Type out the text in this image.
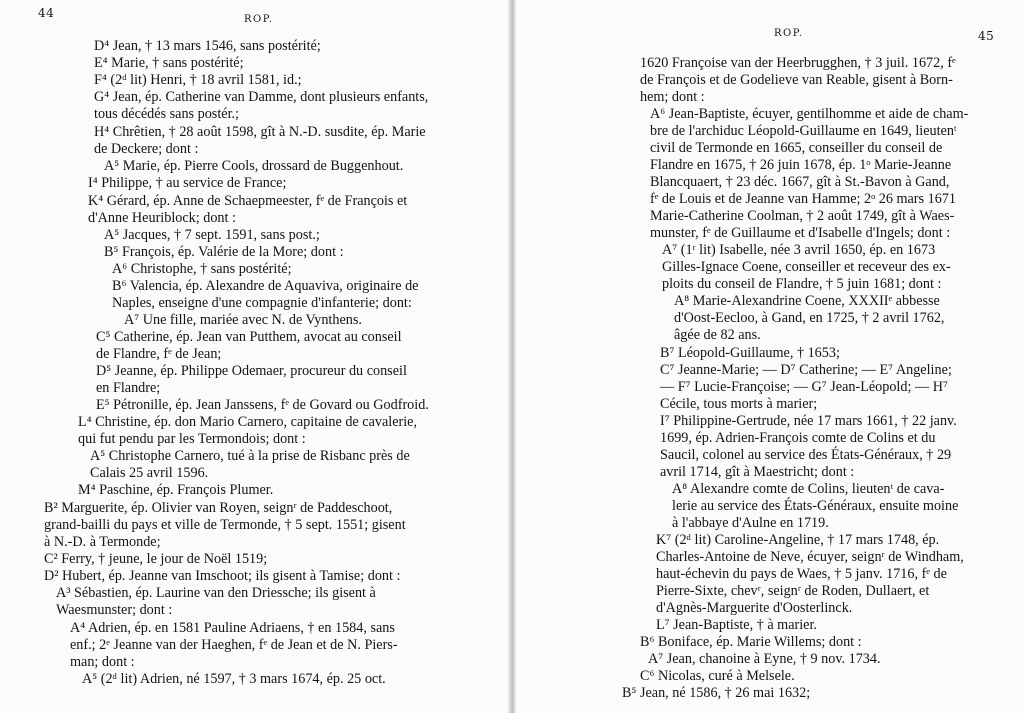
44	ROP.
D⁴ Jean, † 13 mars 1546, sans postérité;
E⁴ Marie, † sans postérité;
F⁴ (2ᵈ lit) Henri, † 18 avril 1581, id.;
G⁴ Jean, ép. Catherine van Damme, dont plusieurs enfants,
tous décédés sans postér.;
H⁴ Chrêtien, † 28 août 1598, gît à N.-D. susdite, ép. Marie
de Deckere; dont :
A⁵ Marie, ép. Pierre Cools, drossard de Buggenhout.
I⁴ Philippe, † au service de France;
K⁴ Gérard, ép. Anne de Schaepmeester, fᵉ de François et
d'Anne Heuriblock; dont :
A⁵ Jacques, † 7 sept. 1591, sans post.;
B⁵ François, ép. Valérie de la More; dont :
A⁶ Christophe, † sans postérité;
B⁶ Valencia, ép. Alexandre de Aquaviva, originaire de
Naples, enseigne d'une compagnie d'infanterie; dont:
A⁷ Une fille, mariée avec N. de Vynthens.
C⁵ Catherine, ép. Jean van Putthem, avocat au conseil
de Flandre, fᵉ de Jean;
D⁵ Jeanne, ép. Philippe Odemaer, procureur du conseil
en Flandre;
E⁵ Pétronille, ép. Jean Janssens, fᵉ de Govard ou Godfroid.
L⁴ Christine, ép. don Mario Carnero, capitaine de cavalerie,
qui fut pendu par les Termondois; dont :
A⁵ Christophe Carnero, tué à la prise de Risbanc près de
Calais 25 avril 1596.
M⁴ Paschine, ép. François Plumer.
B² Marguerite, ép. Olivier van Royen, seignʳ de Paddeschoot,
grand-bailli du pays et ville de Termonde, † 5 sept. 1551; gisent
à N.-D. à Termonde;
C² Ferry, † jeune, le jour de Noël 1519;
D² Hubert, ép. Jeanne van Imschoot; ils gisent à Tamise; dont :
A³ Sébastien, ép. Laurine van den Driessche; ils gisent à
Waesmunster; dont :
A⁴ Adrien, ép. en 1581 Pauline Adriaens, † en 1584, sans
enf.; 2ᵉ Jeanne van der Haeghen, fᵉ de Jean et de N. Piers-
man; dont :
A⁵ (2ᵈ lit) Adrien, né 1597, † 3 mars 1674, ép. 25 oct.
ROP.	45
1620 Françoise van der Heerbrugghen, † 3 juil. 1672, fᵉ
de François et de Godelieve van Reable, gisent à Born-
hem; dont :
A⁶ Jean-Baptiste, écuyer, gentilhomme et aide de cham-
bre de l'archiduc Léopold-Guillaume en 1649, lieutenᵗ
civil de Termonde en 1665, conseiller du conseil de
Flandre en 1675, † 26 juin 1678, ép. 1ᵒ Marie-Jeanne
Blancquaert, † 23 déc. 1667, gît à St.-Bavon à Gand,
fᵉ de Louis et de Jeanne van Hamme; 2ᵒ 26 mars 1671
Marie-Catherine Coolman, † 2 août 1749, gît à Waes-
munster, fᵉ de Guillaume et d'Isabelle d'Ingels; dont :
A⁷ (1ʳ lit) Isabelle, née 3 avril 1650, ép. en 1673
Gilles-Ignace Coene, conseiller et receveur des ex-
ploits du conseil de Flandre, † 5 juin 1681; dont :
A⁸ Marie-Alexandrine Coene, XXXIIᵉ abbesse
d'Oost-Eecloo, à Gand, en 1725, † 2 avril 1762,
âgée de 82 ans.
B⁷ Léopold-Guillaume, † 1653;
C⁷ Jeanne-Marie; — D⁷ Catherine; — E⁷ Angeline;
— F⁷ Lucie-Françoise; — G⁷ Jean-Léopold; — H⁷
Cécile, tous morts à marier;
I⁷ Philippine-Gertrude, née 17 mars 1661, † 22 janv.
1699, ép. Adrien-François comte de Colins et du
Saucil, colonel au service des États-Généraux, † 29
avril 1714, gît à Maestricht; dont :
A⁸ Alexandre comte de Colins, lieutenᵗ de cava-
lerie au service des États-Généraux, ensuite moine
à l'abbaye d'Aulne en 1719.
K⁷ (2ᵈ lit) Caroline-Angeline, † 17 mars 1748, ép.
Charles-Antoine de Neve, écuyer, seignʳ de Windham,
haut-échevin du pays de Waes, † 5 janv. 1716, fᵉ de
Pierre-Sixte, chevʳ, seignʳ de Roden, Dullaert, et
d'Agnès-Marguerite d'Oosterlinck.
L⁷ Jean-Baptiste, † à marier.
B⁶ Boniface, ép. Marie Willems; dont :
A⁷ Jean, chanoine à Eyne, † 9 nov. 1734.
C⁶ Nicolas, curé à Melsele.
B⁵ Jean, né 1586, † 26 mai 1632;
